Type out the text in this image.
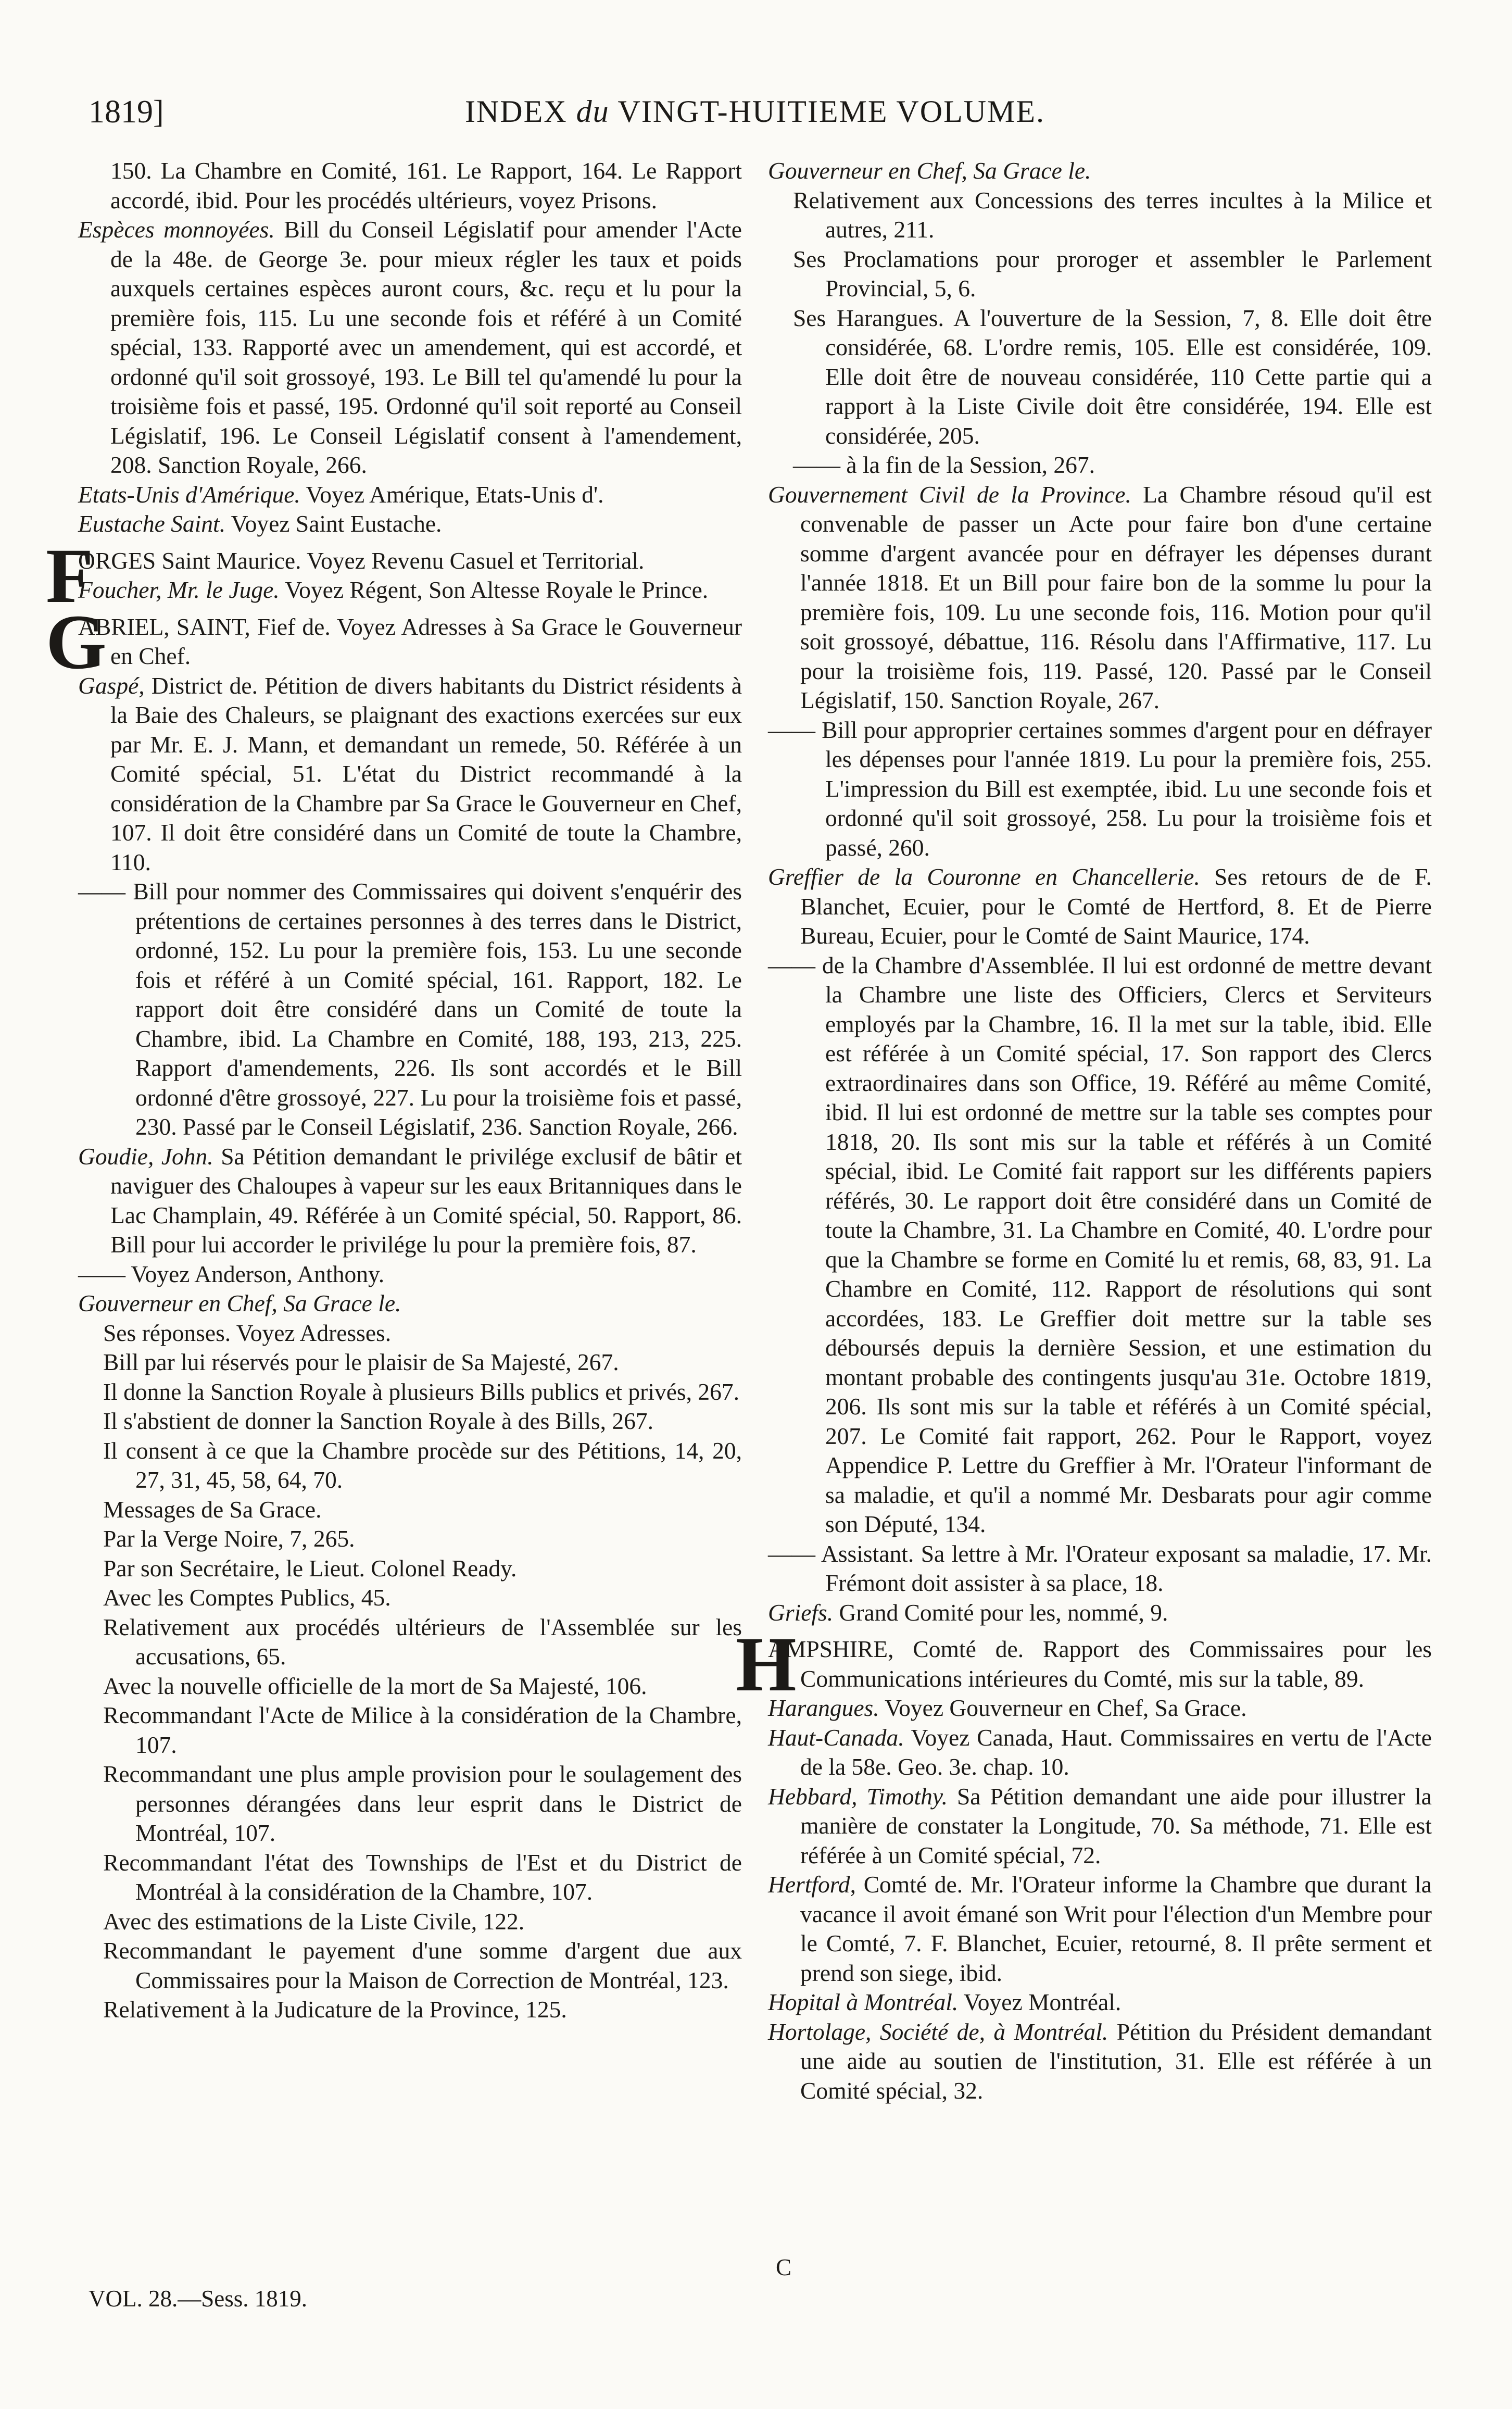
1819]	INDEX du VINGT-HUITIEME VOLUME.
150. La Chambre en Comité, 161. Le Rapport, 164. Le Rapport accordé, ibid. Pour les procédés ultérieurs, voyez Prisons.
Espèces monnoyées. Bill du Conseil Législatif pour amender l'Acte de la 48e. de George 3e. pour mieux régler les taux et poids auxquels certaines espèces auront cours, &c. reçu et lu pour la première fois, 115. Lu une seconde fois et référé à un Comité spécial, 133. Rapporté avec un amendement, qui est accordé, et ordonné qu'il soit grossoyé, 193. Le Bill tel qu'amendé lu pour la troisième fois et passé, 195. Ordonné qu'il soit reporté au Conseil Législatif, 196. Le Conseil Législatif consent à l'amendement, 208. Sanction Royale, 266.
Etats-Unis d'Amérique. Voyez Amérique, Etats-Unis d'.
Eustache Saint. Voyez Saint Eustache.
F
ORGES Saint Maurice. Voyez Revenu Casuel et Territorial.
Foucher, Mr. le Juge. Voyez Régent, Son Altesse Royale le Prince.
G
ABRIEL, SAINT, Fief de. Voyez Adresses à Sa Grace le Gouverneur en Chef.
Gaspé, District de. Pétition de divers habitants du District résidents à la Baie des Chaleurs, se plaignant des exactions exercées sur eux par Mr. E. J. Mann, et demandant un remede, 50. Référée à un Comité spécial, 51. L'état du District recommandé à la considération de la Chambre par Sa Grace le Gouverneur en Chef, 107. Il doit être considéré dans un Comité de toute la Chambre, 110.
—— Bill pour nommer des Commissaires qui doivent s'enquérir des prétentions de certaines personnes à des terres dans le District, ordonné, 152. Lu pour la première fois, 153. Lu une seconde fois et référé à un Comité spécial, 161. Rapport, 182. Le rapport doit être considéré dans un Comité de toute la Chambre, ibid. La Chambre en Comité, 188, 193, 213, 225. Rapport d'amendements, 226. Ils sont accordés et le Bill ordonné d'être grossoyé, 227. Lu pour la troisième fois et passé, 230. Passé par le Conseil Législatif, 236. Sanction Royale, 266.
Goudie, John. Sa Pétition demandant le privilége exclusif de bâtir et naviguer des Chaloupes à vapeur sur les eaux Britanniques dans le Lac Champlain, 49. Référée à un Comité spécial, 50. Rapport, 86. Bill pour lui accorder le privilége lu pour la première fois, 87.
—— Voyez Anderson, Anthony.
Gouverneur en Chef, Sa Grace le.
Ses réponses. Voyez Adresses.
Bill par lui réservés pour le plaisir de Sa Majesté, 267.
Il donne la Sanction Royale à plusieurs Bills publics et privés, 267.
Il s'abstient de donner la Sanction Royale à des Bills, 267.
Il consent à ce que la Chambre procède sur des Pétitions, 14, 20, 27, 31, 45, 58, 64, 70.
Messages de Sa Grace.
Par la Verge Noire, 7, 265.
Par son Secrétaire, le Lieut. Colonel Ready.
Avec les Comptes Publics, 45.
Relativement aux procédés ultérieurs de l'Assemblée sur les accusations, 65.
Avec la nouvelle officielle de la mort de Sa Majesté, 106.
Recommandant l'Acte de Milice à la considération de la Chambre, 107.
Recommandant une plus ample provision pour le soulagement des personnes dérangées dans leur esprit dans le District de Montréal, 107.
Recommandant l'état des Townships de l'Est et du District de Montréal à la considération de la Chambre, 107.
Avec des estimations de la Liste Civile, 122.
Recommandant le payement d'une somme d'argent due aux Commissaires pour la Maison de Correction de Montréal, 123.
Relativement à la Judicature de la Province, 125.
Gouverneur en Chef, Sa Grace le.
Relativement aux Concessions des terres incultes à la Milice et autres, 211.
Ses Proclamations pour proroger et assembler le Parlement Provincial, 5, 6.
Ses Harangues. A l'ouverture de la Session, 7, 8. Elle doit être considérée, 68. L'ordre remis, 105. Elle est considérée, 109. Elle doit être de nouveau considérée, 110 Cette partie qui a rapport à la Liste Civile doit être considérée, 194. Elle est considérée, 205.
—— à la fin de la Session, 267.
Gouvernement Civil de la Province. La Chambre résoud qu'il est convenable de passer un Acte pour faire bon d'une certaine somme d'argent avancée pour en défrayer les dépenses durant l'année 1818. Et un Bill pour faire bon de la somme lu pour la première fois, 109. Lu une seconde fois, 116. Motion pour qu'il soit grossoyé, débattue, 116. Résolu dans l'Affirmative, 117. Lu pour la troisième fois, 119. Passé, 120. Passé par le Conseil Législatif, 150. Sanction Royale, 267.
—— Bill pour approprier certaines sommes d'argent pour en défrayer les dépenses pour l'année 1819. Lu pour la première fois, 255. L'impression du Bill est exemptée, ibid. Lu une seconde fois et ordonné qu'il soit grossoyé, 258. Lu pour la troisième fois et passé, 260.
Greffier de la Couronne en Chancellerie. Ses retours de de F. Blanchet, Ecuier, pour le Comté de Hertford, 8. Et de Pierre Bureau, Ecuier, pour le Comté de Saint Maurice, 174.
—— de la Chambre d'Assemblée. Il lui est ordonné de mettre devant la Chambre une liste des Officiers, Clercs et Serviteurs employés par la Chambre, 16. Il la met sur la table, ibid. Elle est référée à un Comité spécial, 17. Son rapport des Clercs extraordinaires dans son Office, 19. Référé au même Comité, ibid. Il lui est ordonné de mettre sur la table ses comptes pour 1818, 20. Ils sont mis sur la table et référés à un Comité spécial, ibid. Le Comité fait rapport sur les différents papiers référés, 30. Le rapport doit être considéré dans un Comité de toute la Chambre, 31. La Chambre en Comité, 40. L'ordre pour que la Chambre se forme en Comité lu et remis, 68, 83, 91. La Chambre en Comité, 112. Rapport de résolutions qui sont accordées, 183. Le Greffier doit mettre sur la table ses déboursés depuis la dernière Session, et une estimation du montant probable des contingents jusqu'au 31e. Octobre 1819, 206. Ils sont mis sur la table et référés à un Comité spécial, 207. Le Comité fait rapport, 262. Pour le Rapport, voyez Appendice P. Lettre du Greffier à Mr. l'Orateur l'informant de sa maladie, et qu'il a nommé Mr. Desbarats pour agir comme son Député, 134.
—— Assistant. Sa lettre à Mr. l'Orateur exposant sa maladie, 17. Mr. Frémont doit assister à sa place, 18.
Griefs. Grand Comité pour les, nommé, 9.
H
AMPSHIRE, Comté de. Rapport des Commissaires pour les Communications intérieures du Comté, mis sur la table, 89.
Harangues. Voyez Gouverneur en Chef, Sa Grace.
Haut-Canada. Voyez Canada, Haut. Commissaires en vertu de l'Acte de la 58e. Geo. 3e. chap. 10.
Hebbard, Timothy. Sa Pétition demandant une aide pour illustrer la manière de constater la Longitude, 70. Sa méthode, 71. Elle est référée à un Comité spécial, 72.
Hertford, Comté de. Mr. l'Orateur informe la Chambre que durant la vacance il avoit émané son Writ pour l'élection d'un Membre pour le Comté, 7. F. Blanchet, Ecuier, retourné, 8. Il prête serment et prend son siege, ibid.
Hopital à Montréal. Voyez Montréal.
Hortolage, Société de, à Montréal. Pétition du Président demandant une aide au soutien de l'institution, 31. Elle est référée à un Comité spécial, 32.
VOL. 28.—Sess. 1819.
C
